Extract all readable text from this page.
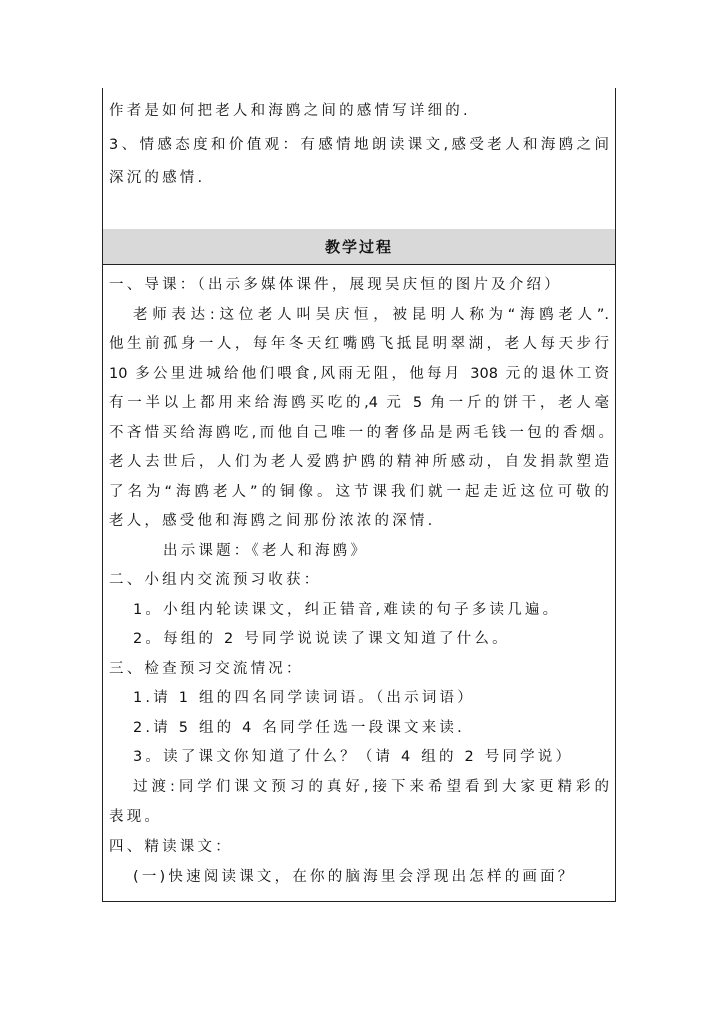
作者是如何把老人和海鸥之间的感情写详细的.
3、情感态度和价值观：有感情地朗读课文,感受老人和海鸥之间
深沉的感情.
教学过程
一、导课：（出示多媒体课件，展现吴庆恒的图片及介绍）
老师表达:这位老人叫吴庆恒，被昆明人称为“海鸥老人”.
他生前孤身一人，每年冬天红嘴鸥飞抵昆明翠湖，老人每天步行
10 多公里进城给他们喂食,风雨无阻，他每月 308 元的退休工资
有一半以上都用来给海鸥买吃的,4 元 5 角一斤的饼干，老人毫
不吝惜买给海鸥吃,而他自己唯一的奢侈品是两毛钱一包的香烟。
老人去世后，人们为老人爱鸥护鸥的精神所感动，自发捐款塑造
了名为“海鸥老人”的铜像。这节课我们就一起走近这位可敬的
老人，感受他和海鸥之间那份浓浓的深情.
出示课题：《老人和海鸥》
二、小组内交流预习收获：
1。小组内轮读课文，纠正错音,难读的句子多读几遍。
2。每组的 2 号同学说说读了课文知道了什么。
三、检查预习交流情况：
1.请 1 组的四名同学读词语。（出示词语）
2.请 5 组的 4 名同学任选一段课文来读.
3。读了课文你知道了什么？（请 4 组的 2 号同学说）
过渡:同学们课文预习的真好,接下来希望看到大家更精彩的
表现。
四、精读课文：
(一)快速阅读课文，在你的脑海里会浮现出怎样的画面？
